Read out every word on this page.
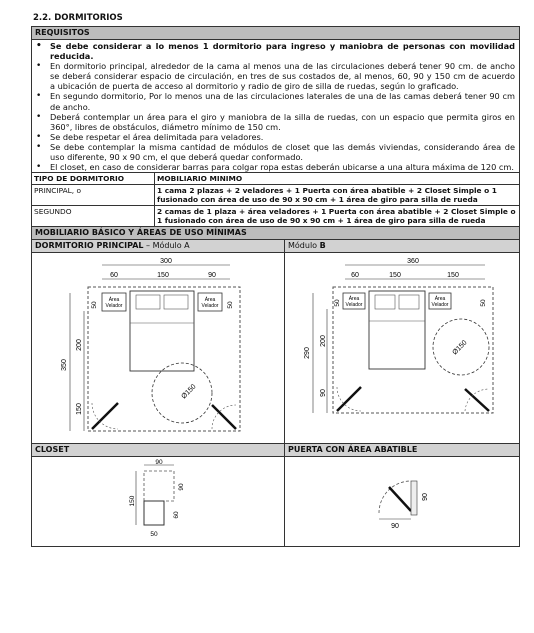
2.2. DORMITORIOS
REQUISITOS
• Se debe considerar a lo menos 1 dormitorio para ingreso y maniobra de personas con movilidad reducida.
• En dormitorio principal, alrededor de la cama al menos una de las circulaciones deberá tener 90 cm. de ancho se deberá considerar espacio de circulación, en tres de sus costados de, al menos, 60, 90 y 150 cm de acuerdo a ubicación de puerta de acceso al dormitorio y radio de giro de silla de ruedas, según lo graficado.
• En segundo dormitorio, Por lo menos una de las circulaciones laterales de una de las camas deberá tener 90 cm de ancho.
• Deberá contemplar un área para el giro y maniobra de la silla de ruedas, con un espacio que permita giros en 360°, libres de obstáculos, diámetro mínimo de 150 cm.
• Se debe respetar el área delimitada para veladores.
• Se debe contemplar la misma cantidad de módulos de closet que las demás viviendas, considerando área de uso diferente, 90 x 90 cm, el que deberá quedar conformado.
• El closet, en caso de considerar barras para colgar ropa estas deberán ubicarse a una altura máxima de 120 cm.
TIPO DE DORMITORIO	MOBILIARIO MINIMO
PRINCIPAL, o	1 cama 2 plazas + 2 veladores + 1 Puerta con área abatible + 2 Closet Simple o 1 fusionado con área de uso de 90 x 90 cm + 1 área de giro para silla de rueda
SEGUNDO	2 camas de 1 plaza + área veladores + 1 Puerta con área abatible + 2 Closet Simple o 1 fusionado con área de uso de 90 x 90 cm + 1 área de giro para silla de rueda
MOBILIARIO BÁSICO Y ÁREAS DE USO MÍNIMAS
DORMITORIO PRINCIPAL – Módulo A
300
60	150	90
Área
Velador
Área
Velador
Ø150
350
200
150
50	50
Módulo B
360
60	150	150
Área
Velador
Área
Velador
Ø150
290
200
90
50	50
CLOSET
90
150
90
60
50
PUERTA CON ÁREA ABATIBLE
90
90
